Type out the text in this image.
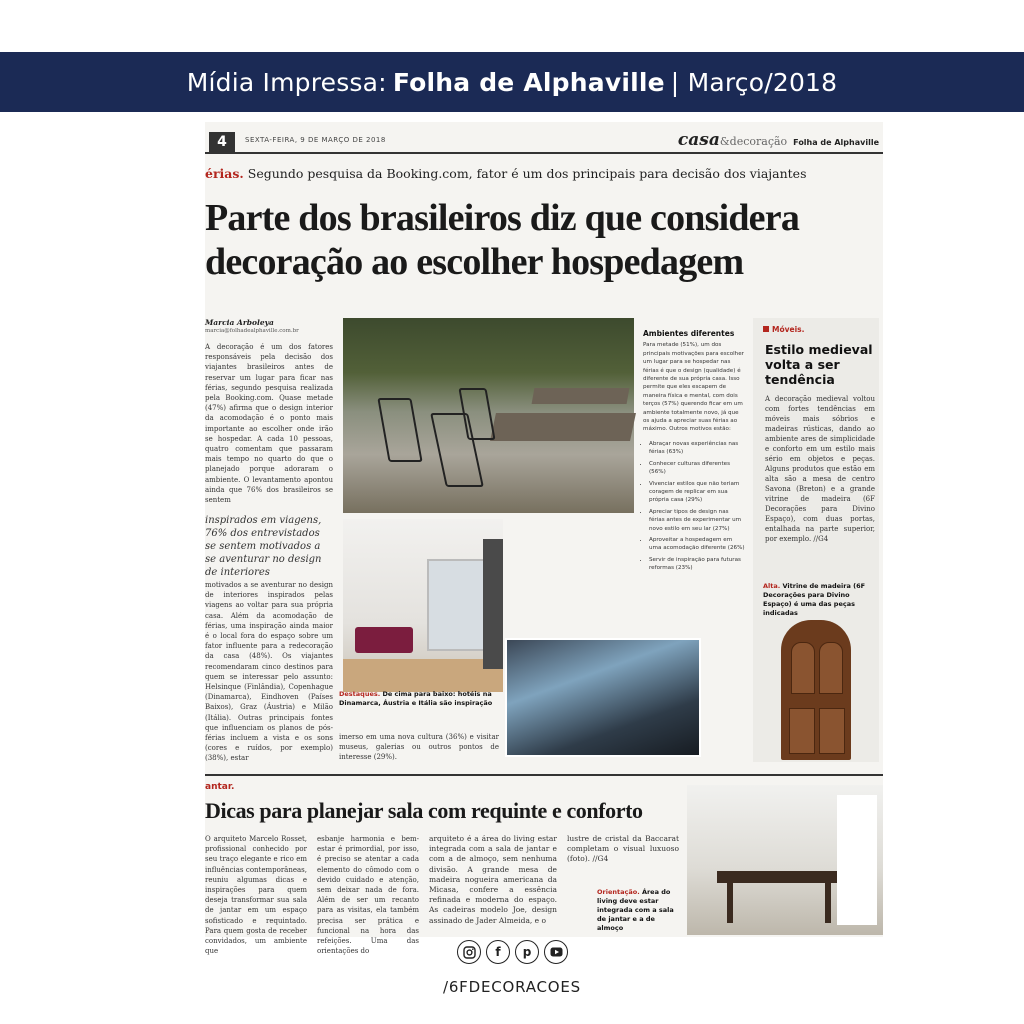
Mídia Impressa: Folha de Alphaville | Março/2018
4	SEXTA-FEIRA, 9 DE MARÇO DE 2018	casa&decoração Folha de Alphaville
érias. Segundo pesquisa da Booking.com, fator é um dos principais para decisão dos viajantes
Parte dos brasileiros diz que considera
decoração ao escolher hospedagem
Marcia Arboleya
marcia@folhadealphaville.com.br
A decoração é um dos fatores responsáveis pela decisão dos viajantes brasileiros antes de reservar um lugar para ficar nas férias, segundo pesquisa realizada pela Booking.com. Quase metade (47%) afirma que o design interior da acomodação é o ponto mais importante ao escolher onde irão se hospedar. A cada 10 pessoas, quatro comentam que passaram mais tempo no quarto do que o planejado porque adoraram o ambiente. O levantamento apontou ainda que 76% dos brasileiros se sentem
inspirados em viagens, 76% dos entrevistados se sentem motivados a se aventurar no design de interiores
motivados a se aventurar no design de interiores inspirados pelas viagens ao voltar para sua própria casa. Além da acomodação de férias, uma inspiração ainda maior é o local fora do espaço sobre um fator influente para a redecoração da casa (48%). Os viajantes recomendaram cinco destinos para quem se interessar pelo assunto: Helsinque (Finlândia), Copenhague (Dinamarca), Eindhoven (Países Baixos), Graz (Áustria) e Milão (Itália). Outras principais fontes que influenciam os planos de pós-férias incluem a vista e os sons (cores e ruídos, por exemplo) (38%), estar
Destaques. De cima para baixo: hotéis na Dinamarca, Áustria e Itália são inspiração
imerso em uma nova cultura (36%) e visitar museus, galerias ou outros pontos de interesse (29%).
Ambientes diferentes
Para metade (51%), um dos principais motivações para escolher um lugar para se hospedar nas férias é que o design (qualidade) é diferente de sua própria casa. Isso permite que eles escapem de maneira física e mental, com dois terços (57%) querendo ficar em um ambiente totalmente novo, já que os ajuda a apreciar suas férias ao máximo. Outros motivos estão:
• Abraçar novas experiências nas férias (63%)
• Conhecer culturas diferentes (56%)
• Vivenciar estilos que não teriam coragem de replicar em sua própria casa (29%)
• Apreciar tipos de design nas férias antes de experimentar um novo estilo em seu lar (27%)
• Aproveitar a hospedagem em uma acomodação diferente (26%)
• Servir de inspiração para futuras reformas (23%)
Móveis.
Estilo medieval volta a ser tendência
A decoração medieval voltou com fortes tendências em móveis mais sóbrios e madeiras rústicas, dando ao ambiente ares de simplicidade e conforto em um estilo mais sério em objetos e peças. Alguns produtos que estão em alta são a mesa de centro Savona (Breton) e a grande vitrine de madeira (6F Decorações para Divino Espaço), com duas portas, entalhada na parte superior, por exemplo. //G4
Alta. Vitrine de madeira (6F Decorações para Divino Espaço) é uma das peças indicadas
antar.
Dicas para planejar sala com requinte e conforto
O arquiteto Marcelo Rosset, profissional conhecido por seu traço elegante e rico em influências contemporâneas, reuniu algumas dicas e inspirações para quem deseja transformar sua sala de jantar em um espaço sofisticado e requintado. Para quem gosta de receber convidados, um ambiente que
esbanje harmonia e bem-estar é primordial, por isso, é preciso se atentar a cada elemento do cômodo com o devido cuidado e atenção, sem deixar nada de fora. Além de ser um recanto para as visitas, ela também precisa ser prática e funcional na hora das refeições. Uma das orientações do
arquiteto é a área do living estar integrada com a sala de jantar e com a de almoço, sem nenhuma divisão. A grande mesa de madeira nogueira americana da Micasa, confere a essência refinada e moderna do espaço. As cadeiras modelo Joe, design assinado de Jader Almeida, e o
lustre de cristal da Baccarat completam o visual luxuoso (foto). //G4
Orientação. Área do living deve estar integrada com a sala de jantar e a de almoço
f	p
/6FDECORACOES
